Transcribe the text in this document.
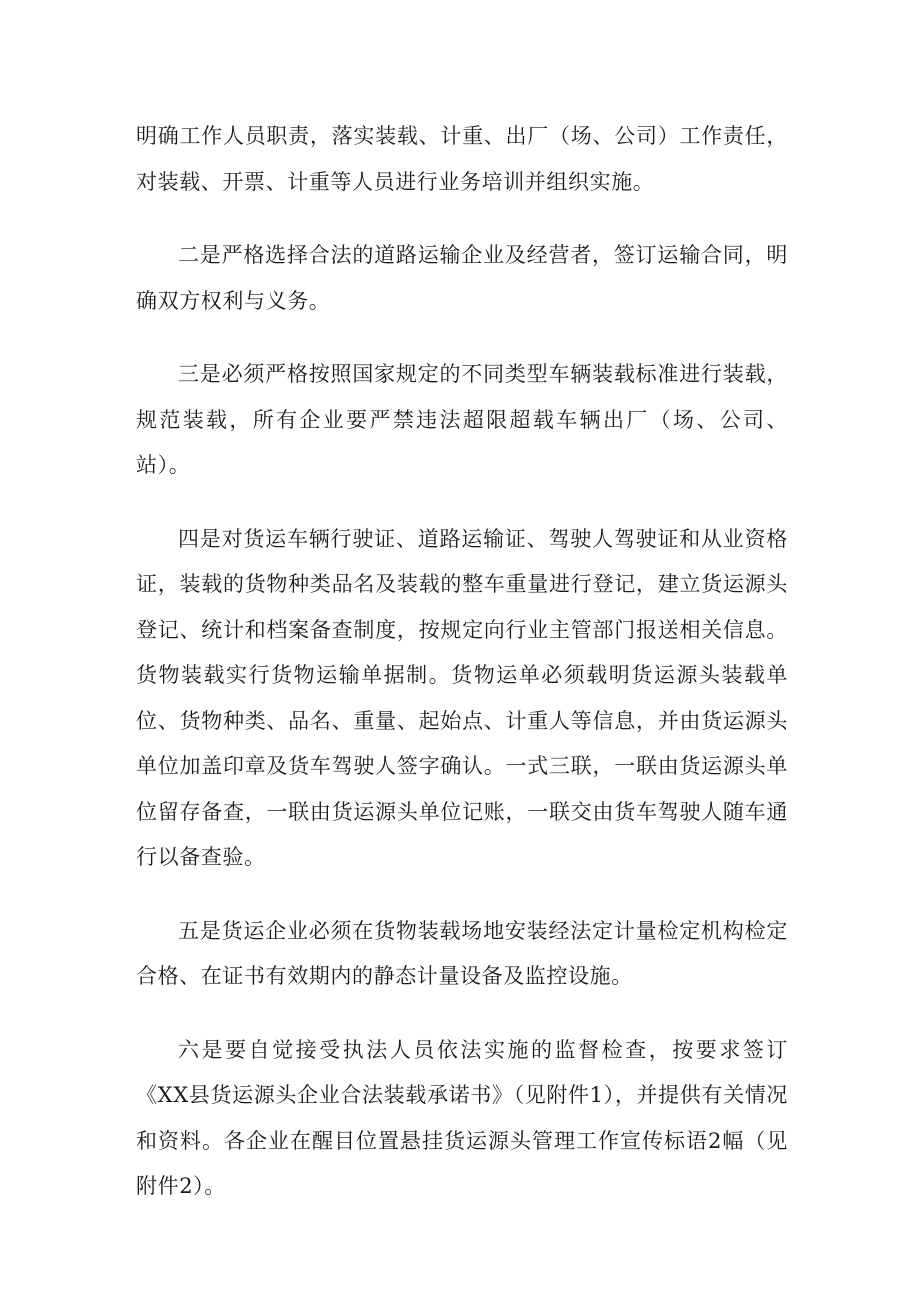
明确工作人员职责，落实装载、计重、出厂（场、公司）工作责任，对装载、开票、计重等人员进行业务培训并组织实施。

二是严格选择合法的道路运输企业及经营者，签订运输合同，明确双方权利与义务。

三是必须严格按照国家规定的不同类型车辆装载标准进行装载，规范装载，所有企业要严禁违法超限超载车辆出厂（场、公司、站）。

四是对货运车辆行驶证、道路运输证、驾驶人驾驶证和从业资格证，装载的货物种类品名及装载的整车重量进行登记，建立货运源头登记、统计和档案备查制度，按规定向行业主管部门报送相关信息。货物装载实行货物运输单据制。货物运单必须载明货运源头装载单位、货物种类、品名、重量、起始点、计重人等信息，并由货运源头单位加盖印章及货车驾驶人签字确认。一式三联，一联由货运源头单位留存备查，一联由货运源头单位记账，一联交由货车驾驶人随车通行以备查验。

五是货运企业必须在货物装载场地安装经法定计量检定机构检定合格、在证书有效期内的静态计量设备及监控设施。

六是要自觉接受执法人员依法实施的监督检查，按要求签订《XX县货运源头企业合法装载承诺书》（见附件1），并提供有关情况和资料。各企业在醒目位置悬挂货运源头管理工作宣传标语2幅（见附件2）。
